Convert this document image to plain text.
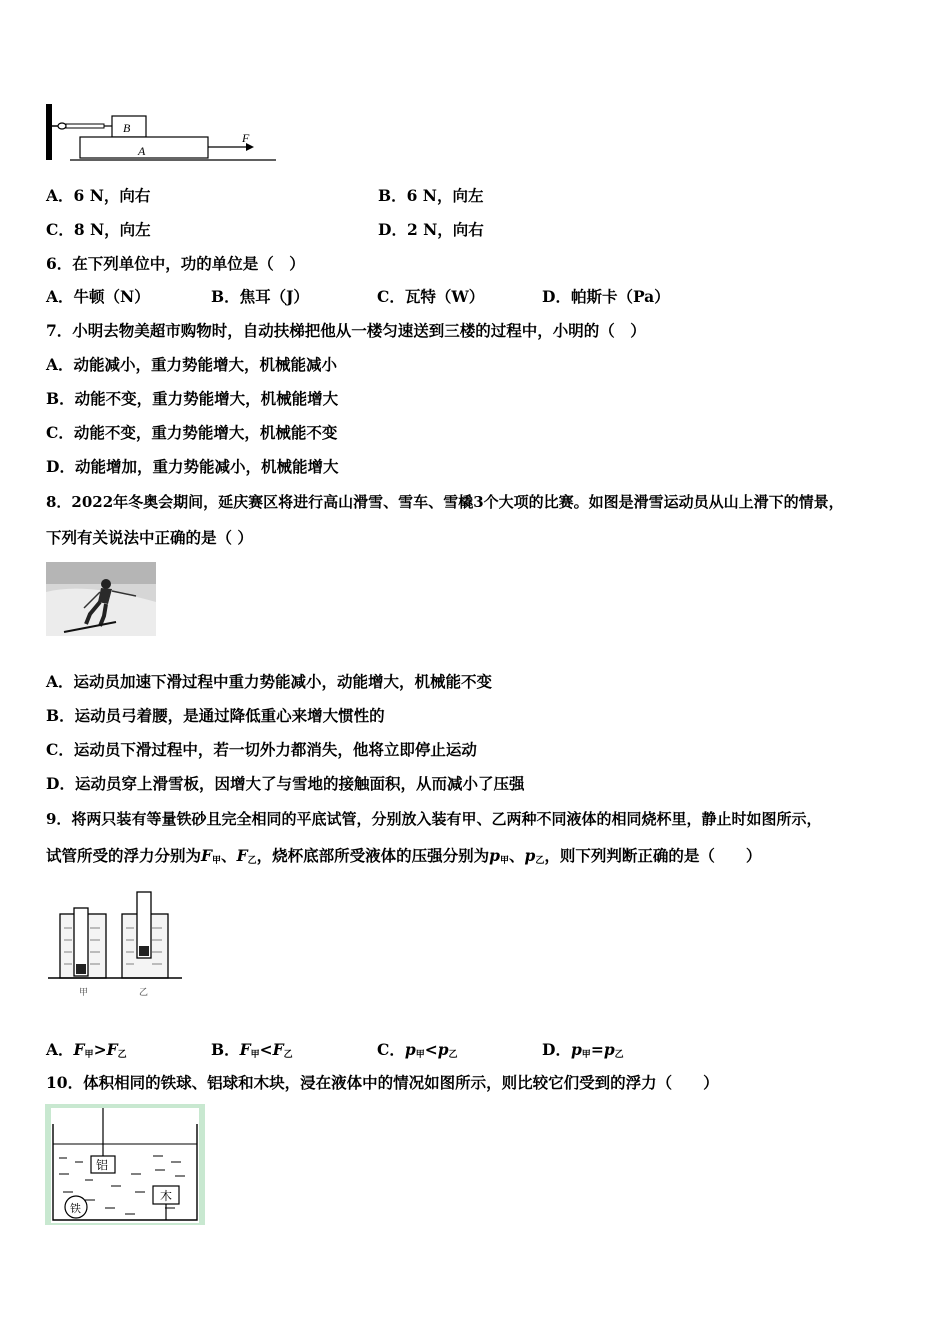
B
A
F
A．6 N，向右	B．6 N，向左
C．8 N，向左	D．2 N，向右
6．在下列单位中，功的单位是（　）
A．牛顿（N）	B．焦耳（J）	C．瓦特（W）	D．帕斯卡（Pa）
7．小明去物美超市购物时，自动扶梯把他从一楼匀速送到三楼的过程中，小明的（　）
A．动能减小，重力势能增大，机械能减小
B．动能不变，重力势能增大，机械能增大
C．动能不变，重力势能增大，机械能不变
D．动能增加，重力势能减小，机械能增大
8．2022年冬奥会期间，延庆赛区将进行高山滑雪、雪车、雪橇3个大项的比赛。如图是滑雪运动员从山上滑下的情景，
下列有关说法中正确的是（ ）
A．运动员加速下滑过程中重力势能减小，动能增大，机械能不变
B．运动员弓着腰，是通过降低重心来增大惯性的
C．运动员下滑过程中，若一切外力都消失，他将立即停止运动
D．运动员穿上滑雪板，因增大了与雪地的接触面积，从而减小了压强
9．将两只装有等量铁砂且完全相同的平底试管，分别放入装有甲、乙两种不同液体的相同烧杯里，静止时如图所示，
试管所受的浮力分别为$F_甲$、$F_乙$，烧杯底部所受液体的压强分别为$p_甲$、$p_乙$，则下列判断正确的是（　　）
甲	乙
A．$F_甲>F_乙$	B．$F_甲<F_乙$	C．$p_甲<p_乙$	D．$p_甲=p_乙$
10．体积相同的铁球、铝球和木块，浸在液体中的情况如图所示，则比较它们受到的浮力（　　）
铝
木
铁
